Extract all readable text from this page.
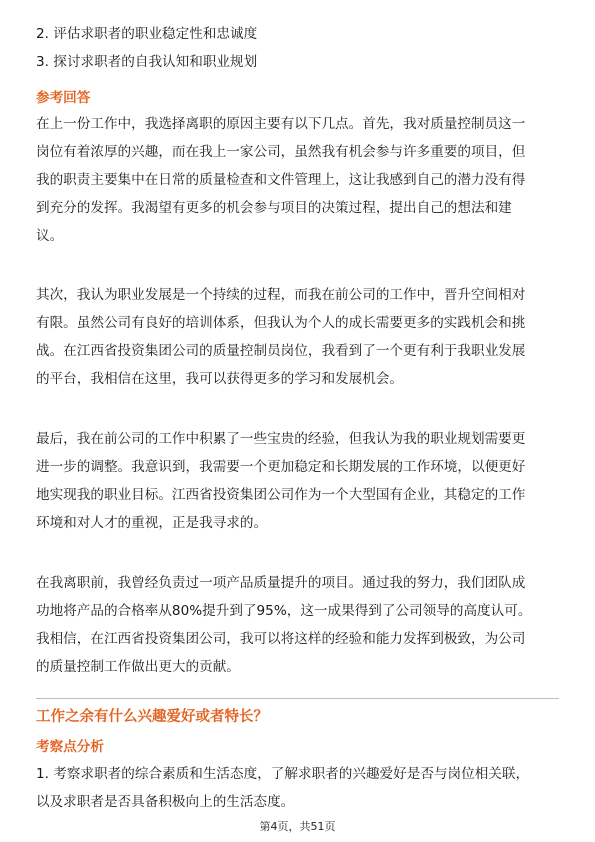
2. 评估求职者的职业稳定性和忠诚度
3. 探讨求职者的自我认知和职业规划
参考回答
在上一份工作中，我选择离职的原因主要有以下几点。首先，我对质量控制员这一
岗位有着浓厚的兴趣，而在我上一家公司，虽然我有机会参与许多重要的项目，但
我的职责主要集中在日常的质量检查和文件管理上，这让我感到自己的潜力没有得
到充分的发挥。我渴望有更多的机会参与项目的决策过程，提出自己的想法和建
议。
其次，我认为职业发展是一个持续的过程，而我在前公司的工作中，晋升空间相对
有限。虽然公司有良好的培训体系，但我认为个人的成长需要更多的实践机会和挑
战。在江西省投资集团公司的质量控制员岗位，我看到了一个更有利于我职业发展
的平台，我相信在这里，我可以获得更多的学习和发展机会。
最后，我在前公司的工作中积累了一些宝贵的经验，但我认为我的职业规划需要更
进一步的调整。我意识到，我需要一个更加稳定和长期发展的工作环境，以便更好
地实现我的职业目标。江西省投资集团公司作为一个大型国有企业，其稳定的工作
环境和对人才的重视，正是我寻求的。
在我离职前，我曾经负责过一项产品质量提升的项目。通过我的努力，我们团队成
功地将产品的合格率从80%提升到了95%，这一成果得到了公司领导的高度认可。
我相信，在江西省投资集团公司，我可以将这样的经验和能力发挥到极致，为公司
的质量控制工作做出更大的贡献。
工作之余有什么兴趣爱好或者特长？
考察点分析
1. 考察求职者的综合素质和生活态度，了解求职者的兴趣爱好是否与岗位相关联，
以及求职者是否具备积极向上的生活态度。
第4页，共51页
